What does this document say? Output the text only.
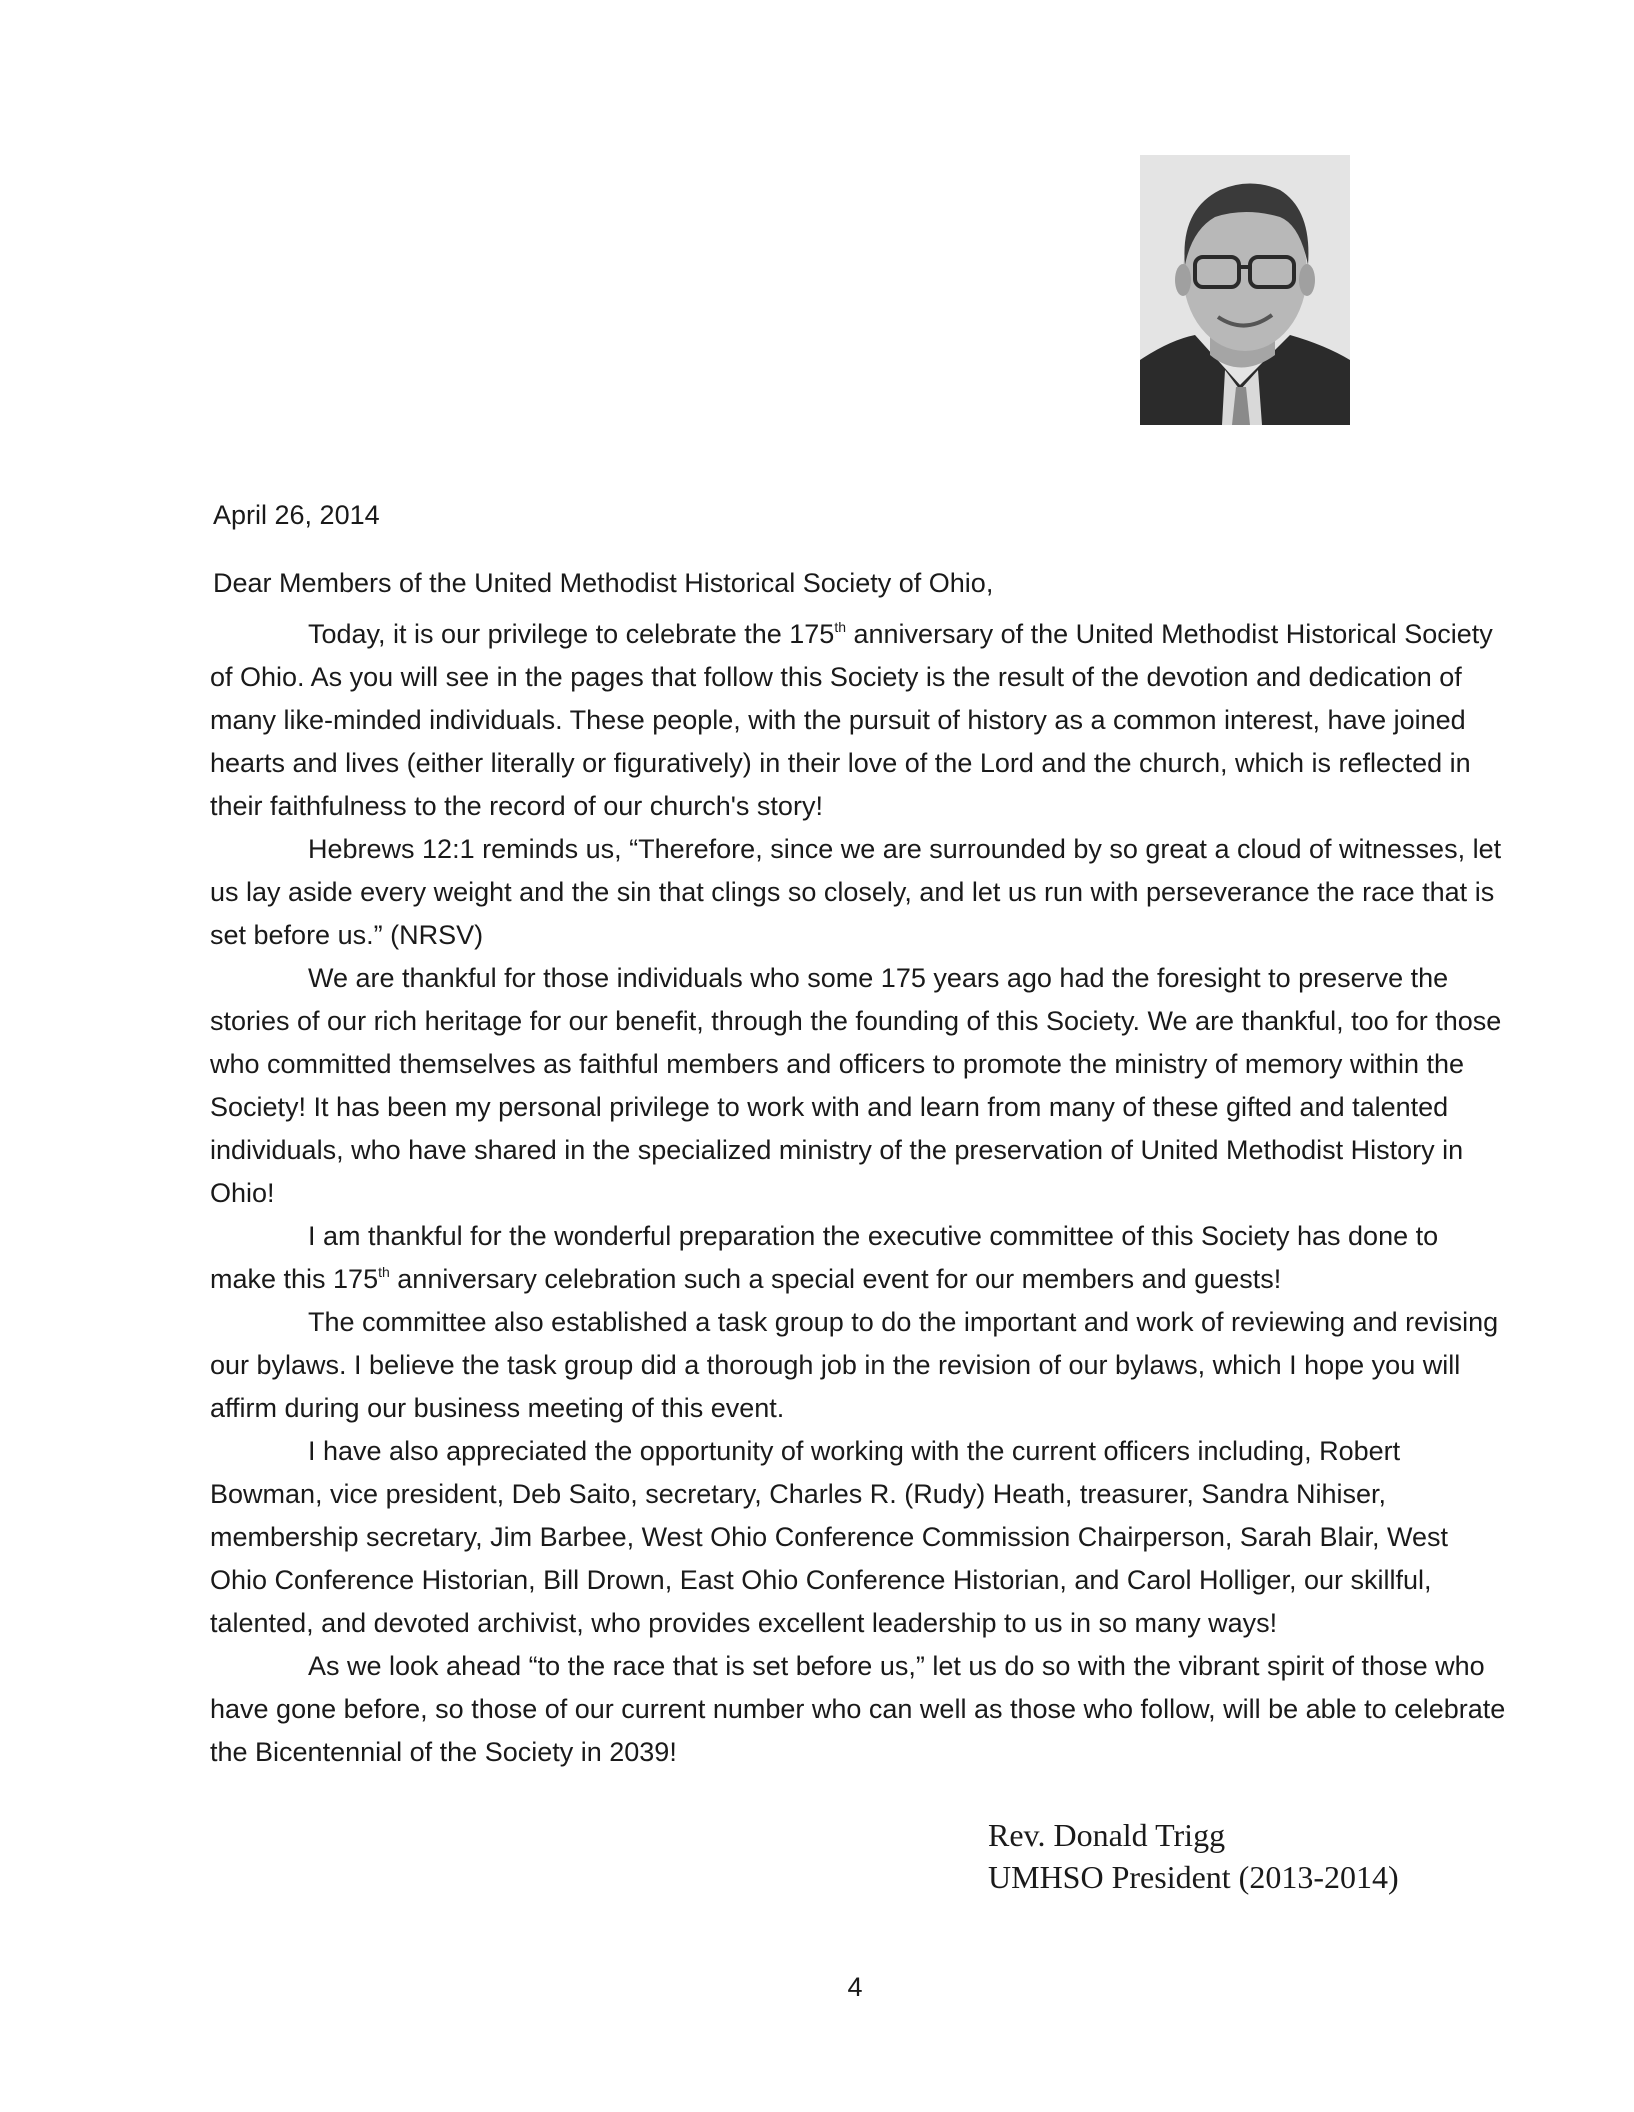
April 26, 2014
Dear Members of the United Methodist Historical Society of Ohio,

Today, it is our privilege to celebrate the 175th anniversary of the United Methodist Historical Society of Ohio. As you will see in the pages that follow this Society is the result of the devotion and dedication of many like-minded individuals. These people, with the pursuit of history as a common interest, have joined hearts and lives (either literally or figuratively) in their love of the Lord and the church, which is reflected in their faithfulness to the record of our church's story!

Hebrews 12:1 reminds us, “Therefore, since we are surrounded by so great a cloud of witnesses, let us lay aside every weight and the sin that clings so closely, and let us run with perseverance the race that is set before us.” (NRSV)

We are thankful for those individuals who some 175 years ago had the foresight to preserve the stories of our rich heritage for our benefit, through the founding of this Society. We are thankful, too for those who committed themselves as faithful members and officers to promote the ministry of memory within the Society! It has been my personal privilege to work with and learn from many of these gifted and talented individuals, who have shared in the specialized ministry of the preservation of United Methodist History in Ohio!

I am thankful for the wonderful preparation the executive committee of this Society has done to make this 175th anniversary celebration such a special event for our members and guests!

The committee also established a task group to do the important and work of reviewing and revising our bylaws. I believe the task group did a thorough job in the revision of our bylaws, which I hope you will affirm during our business meeting of this event.

I have also appreciated the opportunity of working with the current officers including, Robert Bowman, vice president, Deb Saito, secretary, Charles R. (Rudy) Heath, treasurer, Sandra Nihiser, membership secretary, Jim Barbee, West Ohio Conference Commission Chairperson, Sarah Blair, West Ohio Conference Historian, Bill Drown, East Ohio Conference Historian, and Carol Holliger, our skillful, talented, and devoted archivist, who provides excellent leadership to us in so many ways!

As we look ahead “to the race that is set before us,” let us do so with the vibrant spirit of those who have gone before, so those of our current number who can well as those who follow, will be able to celebrate the Bicentennial of the Society in 2039!

Rev. Donald Trigg
UMHSO President (2013-2014)
4
